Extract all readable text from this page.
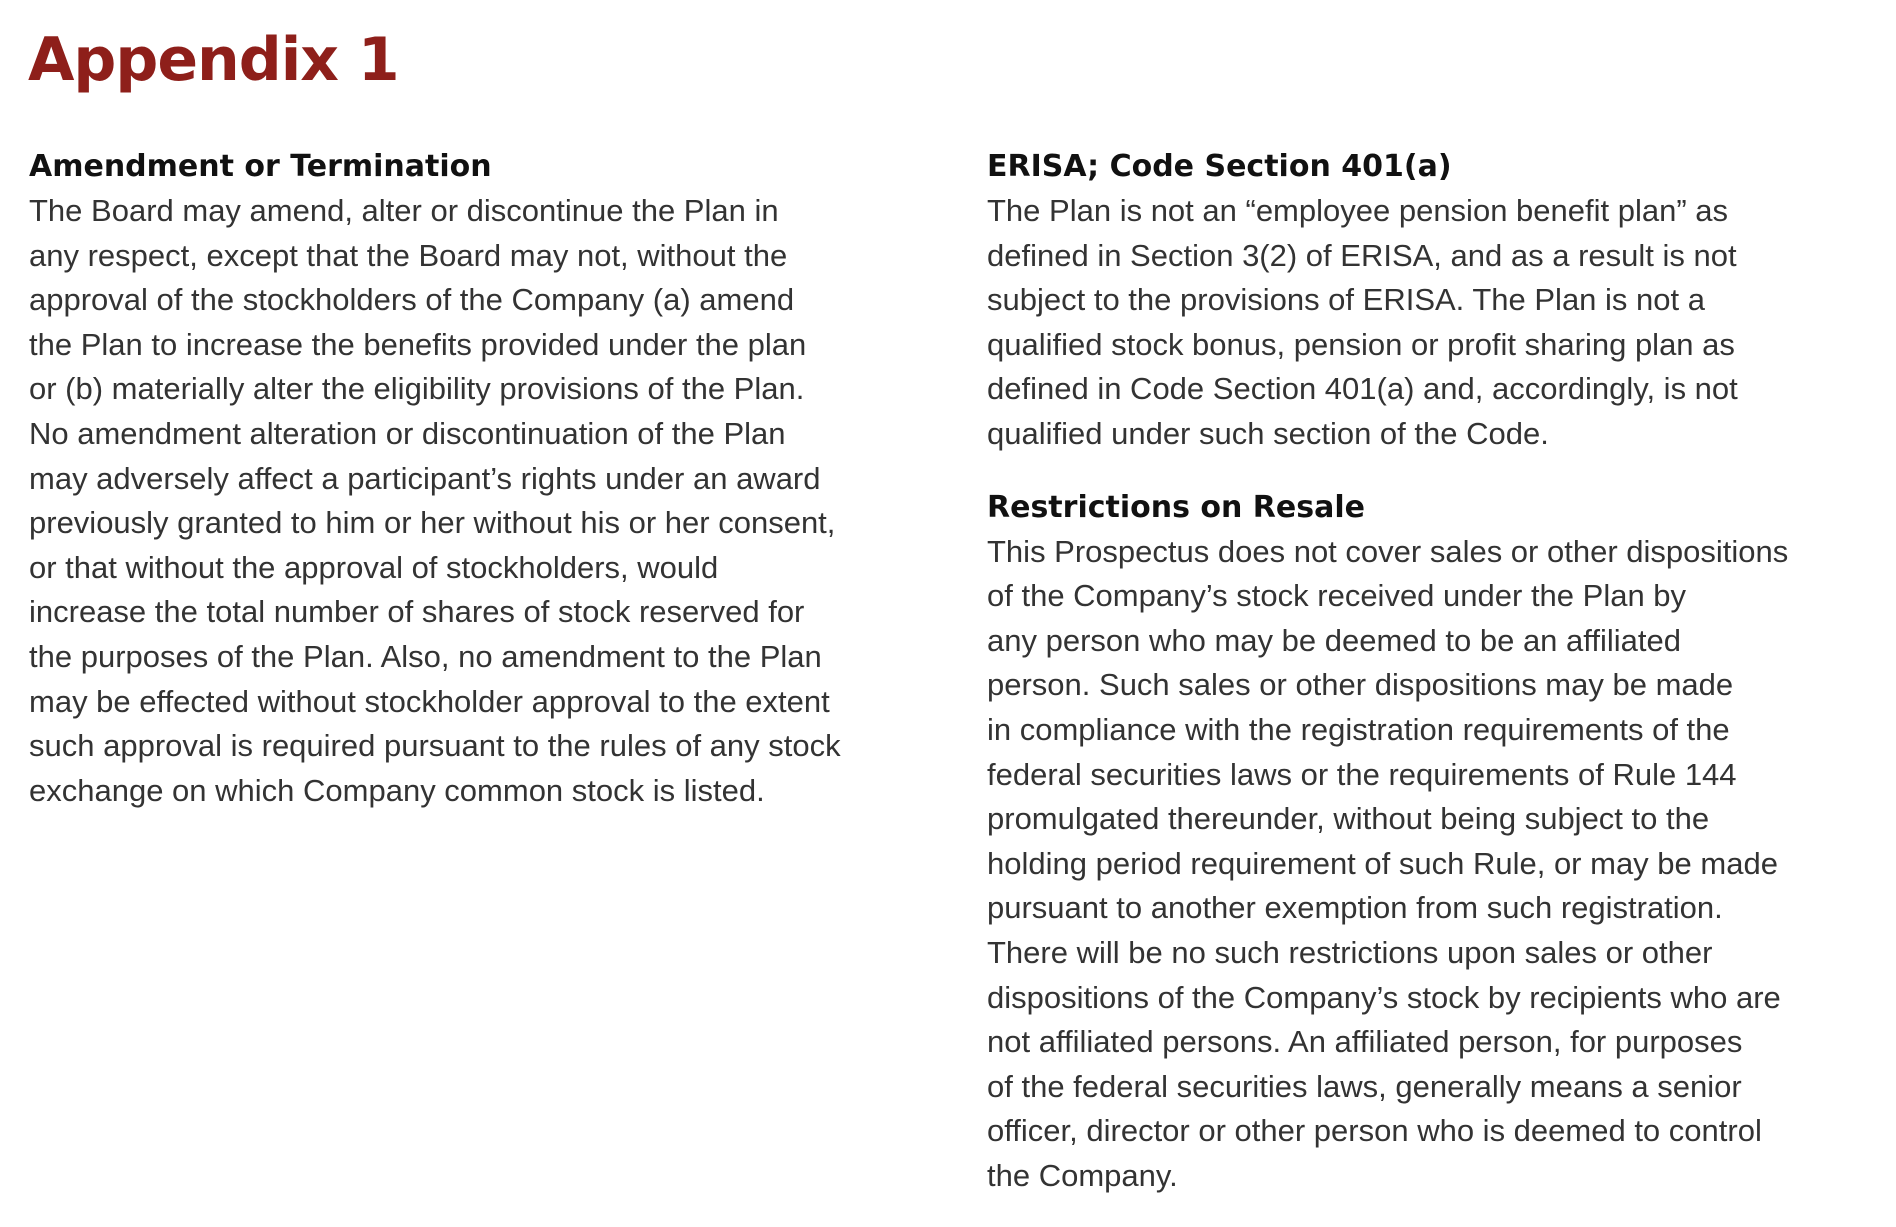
Appendix 1
Amendment or Termination
The Board may amend, alter or discontinue the Plan in
any respect, except that the Board may not, without the
approval of the stockholders of the Company (a) amend
the Plan to increase the benefits provided under the plan
or (b) materially alter the eligibility provisions of the Plan.
No amendment alteration or discontinuation of the Plan
may adversely affect a participant’s rights under an award
previously granted to him or her without his or her consent,
or that without the approval of stockholders, would
increase the total number of shares of stock reserved for
the purposes of the Plan. Also, no amendment to the Plan
may be effected without stockholder approval to the extent
such approval is required pursuant to the rules of any stock
exchange on which Company common stock is listed.
ERISA; Code Section 401(a)
The Plan is not an “employee pension benefit plan” as
defined in Section 3(2) of ERISA, and as a result is not
subject to the provisions of ERISA. The Plan is not a
qualified stock bonus, pension or profit sharing plan as
defined in Code Section 401(a) and, accordingly, is not
qualified under such section of the Code.
Restrictions on Resale
This Prospectus does not cover sales or other dispositions
of the Company’s stock received under the Plan by
any person who may be deemed to be an affiliated
person. Such sales or other dispositions may be made
in compliance with the registration requirements of the
federal securities laws or the requirements of Rule 144
promulgated thereunder, without being subject to the
holding period requirement of such Rule, or may be made
pursuant to another exemption from such registration.
There will be no such restrictions upon sales or other
dispositions of the Company’s stock by recipients who are
not affiliated persons. An affiliated person, for purposes
of the federal securities laws, generally means a senior
officer, director or other person who is deemed to control
the Company.
